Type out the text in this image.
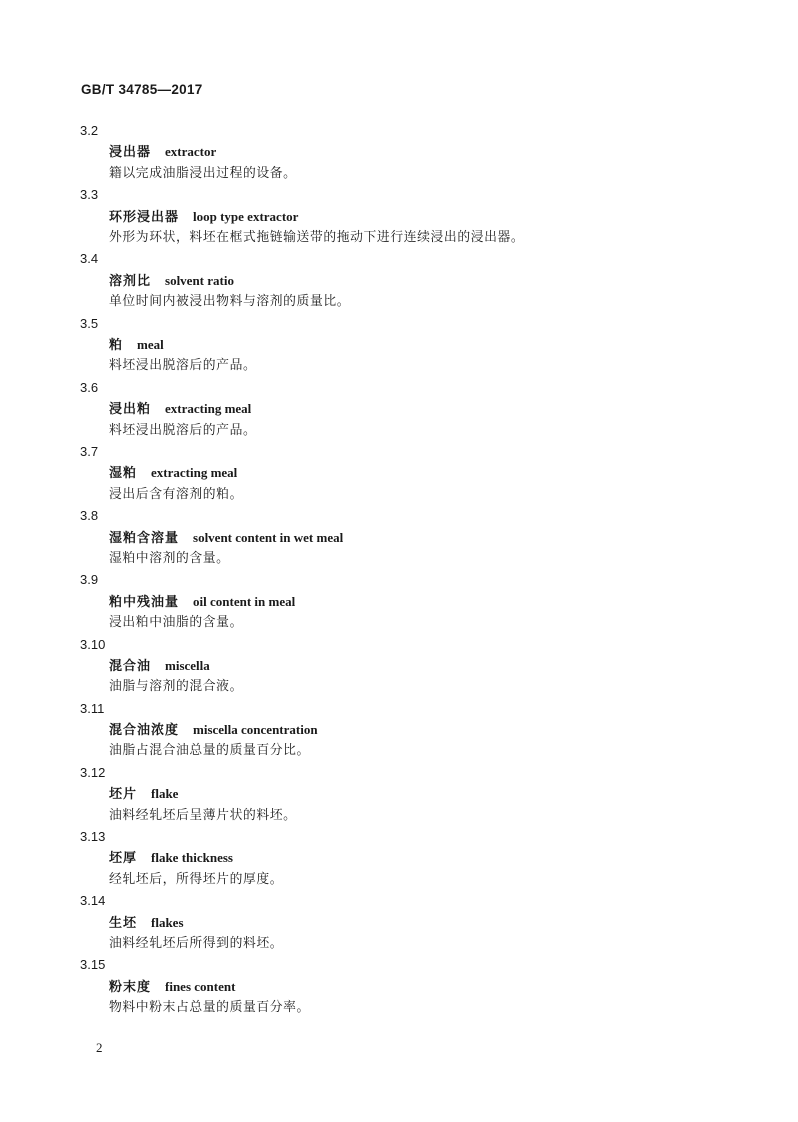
GB/T 34785—2017
3.2
浸出器 extractor
籍以完成油脂浸出过程的设备。
3.3
环形浸出器 loop type extractor
外形为环状，料坯在框式拖链输送带的拖动下进行连续浸出的浸出器。
3.4
溶剂比 solvent ratio
单位时间内被浸出物料与溶剂的质量比。
3.5
粕 meal
料坯浸出脱溶后的产品。
3.6
浸出粕 extracting meal
料坯浸出脱溶后的产品。
3.7
湿粕 extracting meal
浸出后含有溶剂的粕。
3.8
湿粕含溶量 solvent content in wet meal
湿粕中溶剂的含量。
3.9
粕中残油量 oil content in meal
浸出粕中油脂的含量。
3.10
混合油 miscella
油脂与溶剂的混合液。
3.11
混合油浓度 miscella concentration
油脂占混合油总量的质量百分比。
3.12
坯片 flake
油料经轧坯后呈薄片状的料坯。
3.13
坯厚 flake thickness
经轧坯后，所得坯片的厚度。
3.14
生坯 flakes
油料经轧坯后所得到的料坯。
3.15
粉末度 fines content
物料中粉末占总量的质量百分率。
2
